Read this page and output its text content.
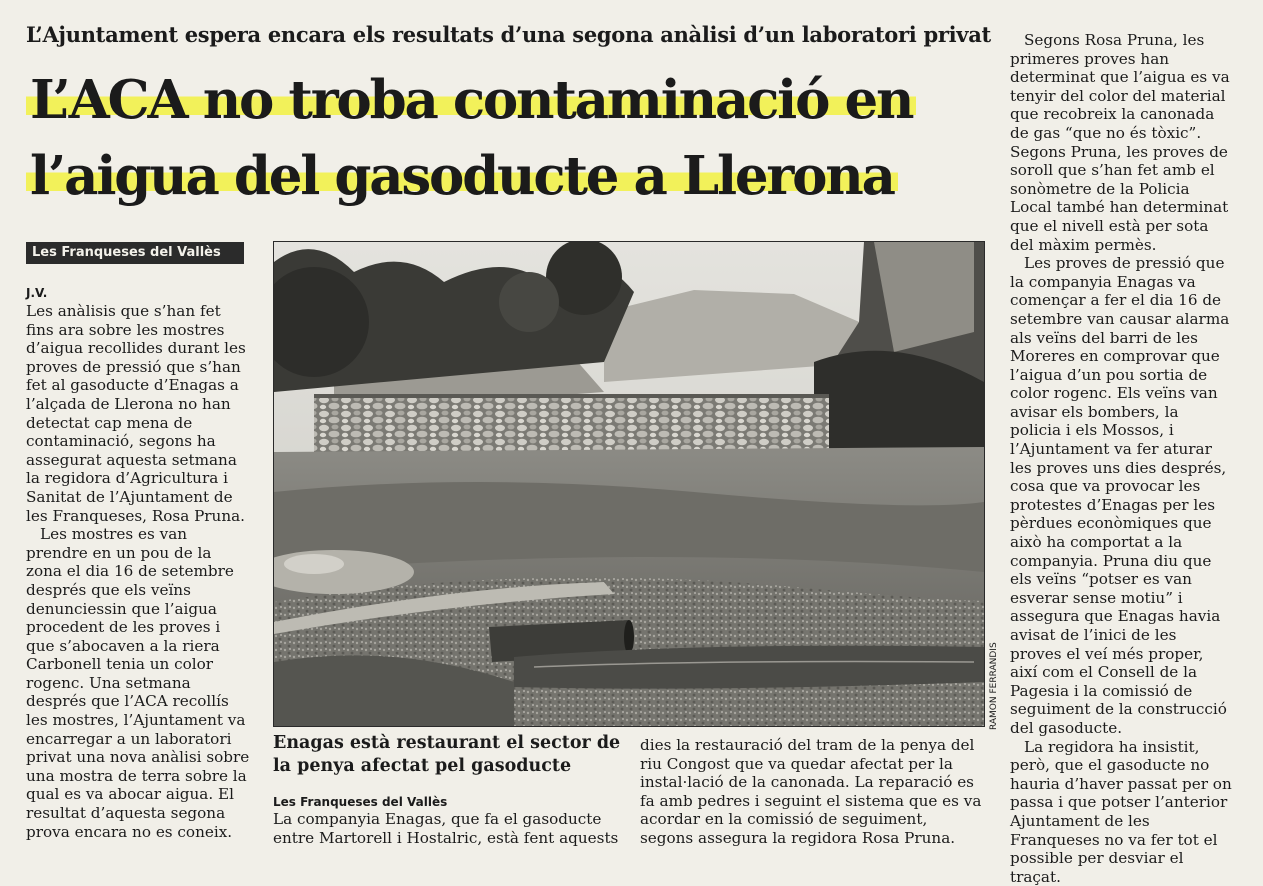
L’Ajuntament espera encara els resultats d’una segona anàlisi d’un laboratori privat
L’ACA no troba contaminació en
l’aigua del gasoducte a Llerona
Les Franqueses del Vallès
J.V.

Les anàlisis que s’han fet fins ara sobre les mostres d’aigua recollides durant les proves de pressió que s’han fet al gasoducte d’Enagas a l’alçada de Llerona no han detectat cap mena de contaminació, segons ha assegurat aquesta setmana la regidora d’Agricultura i Sanitat de l’Ajuntament de les Franqueses, Rosa Pruna.

Les mostres es van prendre en un pou de la zona el dia 16 de setembre després que els veïns denunciessin que l’aigua procedent de les proves i que s’abocaven a la riera Carbonell tenia un color rogenc. Una setmana després que l’ACA recollís les mostres, l’Ajuntament va encarregar a un laboratori privat una nova anàlisi sobre una mostra de terra sobre la qual es va abocar aigua. El resultat d’aquesta segona prova encara no es coneix.

RAMON FERRANDIS
Enagas està restaurant el sector de la penya afectat pel gasoducte
Les Franqueses del Vallès
La companyia Enagas, que fa el gasoducte entre Martorell i Hostalric, està fent aquests
dies la restauració del tram de la penya del riu Congost que va quedar afectat per la instal·lació de la canonada. La reparació es fa amb pedres i seguint el sistema que es va acordar en la comissió de seguiment, segons assegura la regidora Rosa Pruna.

Segons Rosa Pruna, les primeres proves han determinat que l’aigua es va tenyir del color del material que recobreix la canonada de gas “que no és tòxic”. Segons Pruna, les proves de soroll que s’han fet amb el sonòmetre de la Policia Local també han determinat que el nivell està per sota del màxim permès.

Les proves de pressió que la companyia Enagas va començar a fer el dia 16 de setembre van causar alarma als veïns del barri de les Moreres en comprovar que l’aigua d’un pou sortia de color rogenc. Els veïns van avisar els bombers, la policia i els Mossos, i l’Ajuntament va fer aturar les proves uns dies després, cosa que va provocar les protestes d’Enagas per les pèrdues econòmiques que això ha comportat a la companyia. Pruna diu que els veïns “potser es van esverar sense motiu” i assegura que Enagas havia avisat de l’inici de les proves el veí més proper, així com el Consell de la Pagesia i la comissió de seguiment de la construcció del gasoducte.

La regidora ha insistit, però, que el gasoducte no hauria d’haver passat per on passa i que potser l’anterior Ajuntament de les Franqueses no va fer tot el possible per desviar el traçat.
